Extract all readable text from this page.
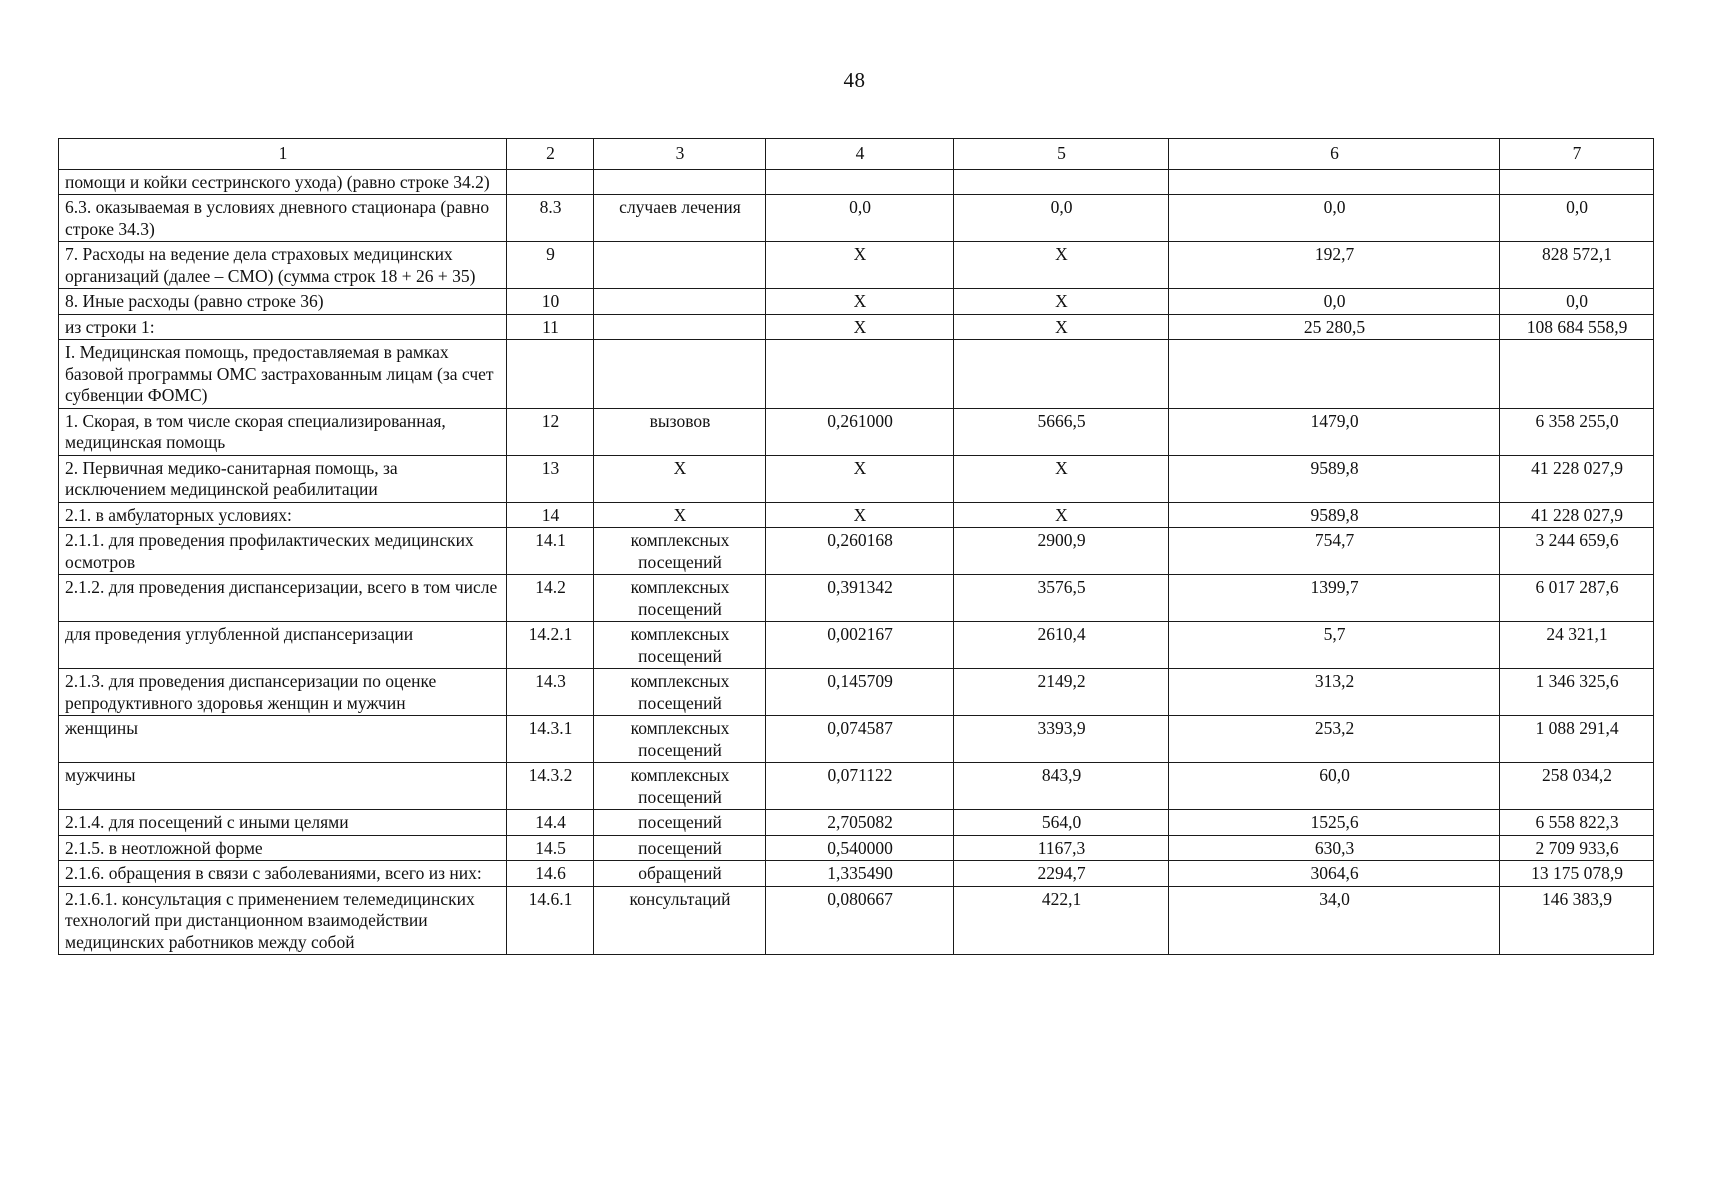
48
1	2	3	4	5	6	7
помощи и койки сестринского ухода) (равно строке 34.2)						
6.3. оказываемая в условиях дневного стационара (равно строке 34.3)	8.3	случаев лечения	0,0	0,0	0,0	0,0
7. Расходы на ведение дела страховых медицинских организаций (далее – СМО) (сумма строк 18 + 26 + 35)	9		X	X	192,7	828 572,1
8. Иные расходы (равно строке 36)	10		X	X	0,0	0,0
из строки 1:	11		X	X	25 280,5	108 684 558,9
I. Медицинская помощь, предоставляемая в рамках базовой программы ОМС застрахованным лицам (за счет субвенции ФОМС)						
1. Скорая, в том числе скорая специализированная, медицинская помощь	12	вызовов	0,261000	5666,5	1479,0	6 358 255,0
2. Первичная медико-санитарная помощь, за исключением медицинской реабилитации	13	X	X	X	9589,8	41 228 027,9
2.1. в амбулаторных условиях:	14	X	X	X	9589,8	41 228 027,9
2.1.1. для проведения профилактических медицинских осмотров	14.1	комплексных посещений	0,260168	2900,9	754,7	3 244 659,6
2.1.2. для проведения диспансеризации, всего в том числе	14.2	комплексных посещений	0,391342	3576,5	1399,7	6 017 287,6
для проведения углубленной диспансеризации	14.2.1	комплексных посещений	0,002167	2610,4	5,7	24 321,1
2.1.3. для проведения диспансеризации по оценке репродуктивного здоровья женщин и мужчин	14.3	комплексных посещений	0,145709	2149,2	313,2	1 346 325,6
женщины	14.3.1	комплексных посещений	0,074587	3393,9	253,2	1 088 291,4
мужчины	14.3.2	комплексных посещений	0,071122	843,9	60,0	258 034,2
2.1.4. для посещений с иными целями	14.4	посещений	2,705082	564,0	1525,6	6 558 822,3
2.1.5. в неотложной форме	14.5	посещений	0,540000	1167,3	630,3	2 709 933,6
2.1.6. обращения в связи с заболеваниями, всего из них:	14.6	обращений	1,335490	2294,7	3064,6	13 175 078,9
2.1.6.1. консультация с применением телемедицинских технологий при дистанционном взаимодействии медицинских работников между собой	14.6.1	консультаций	0,080667	422,1	34,0	146 383,9
